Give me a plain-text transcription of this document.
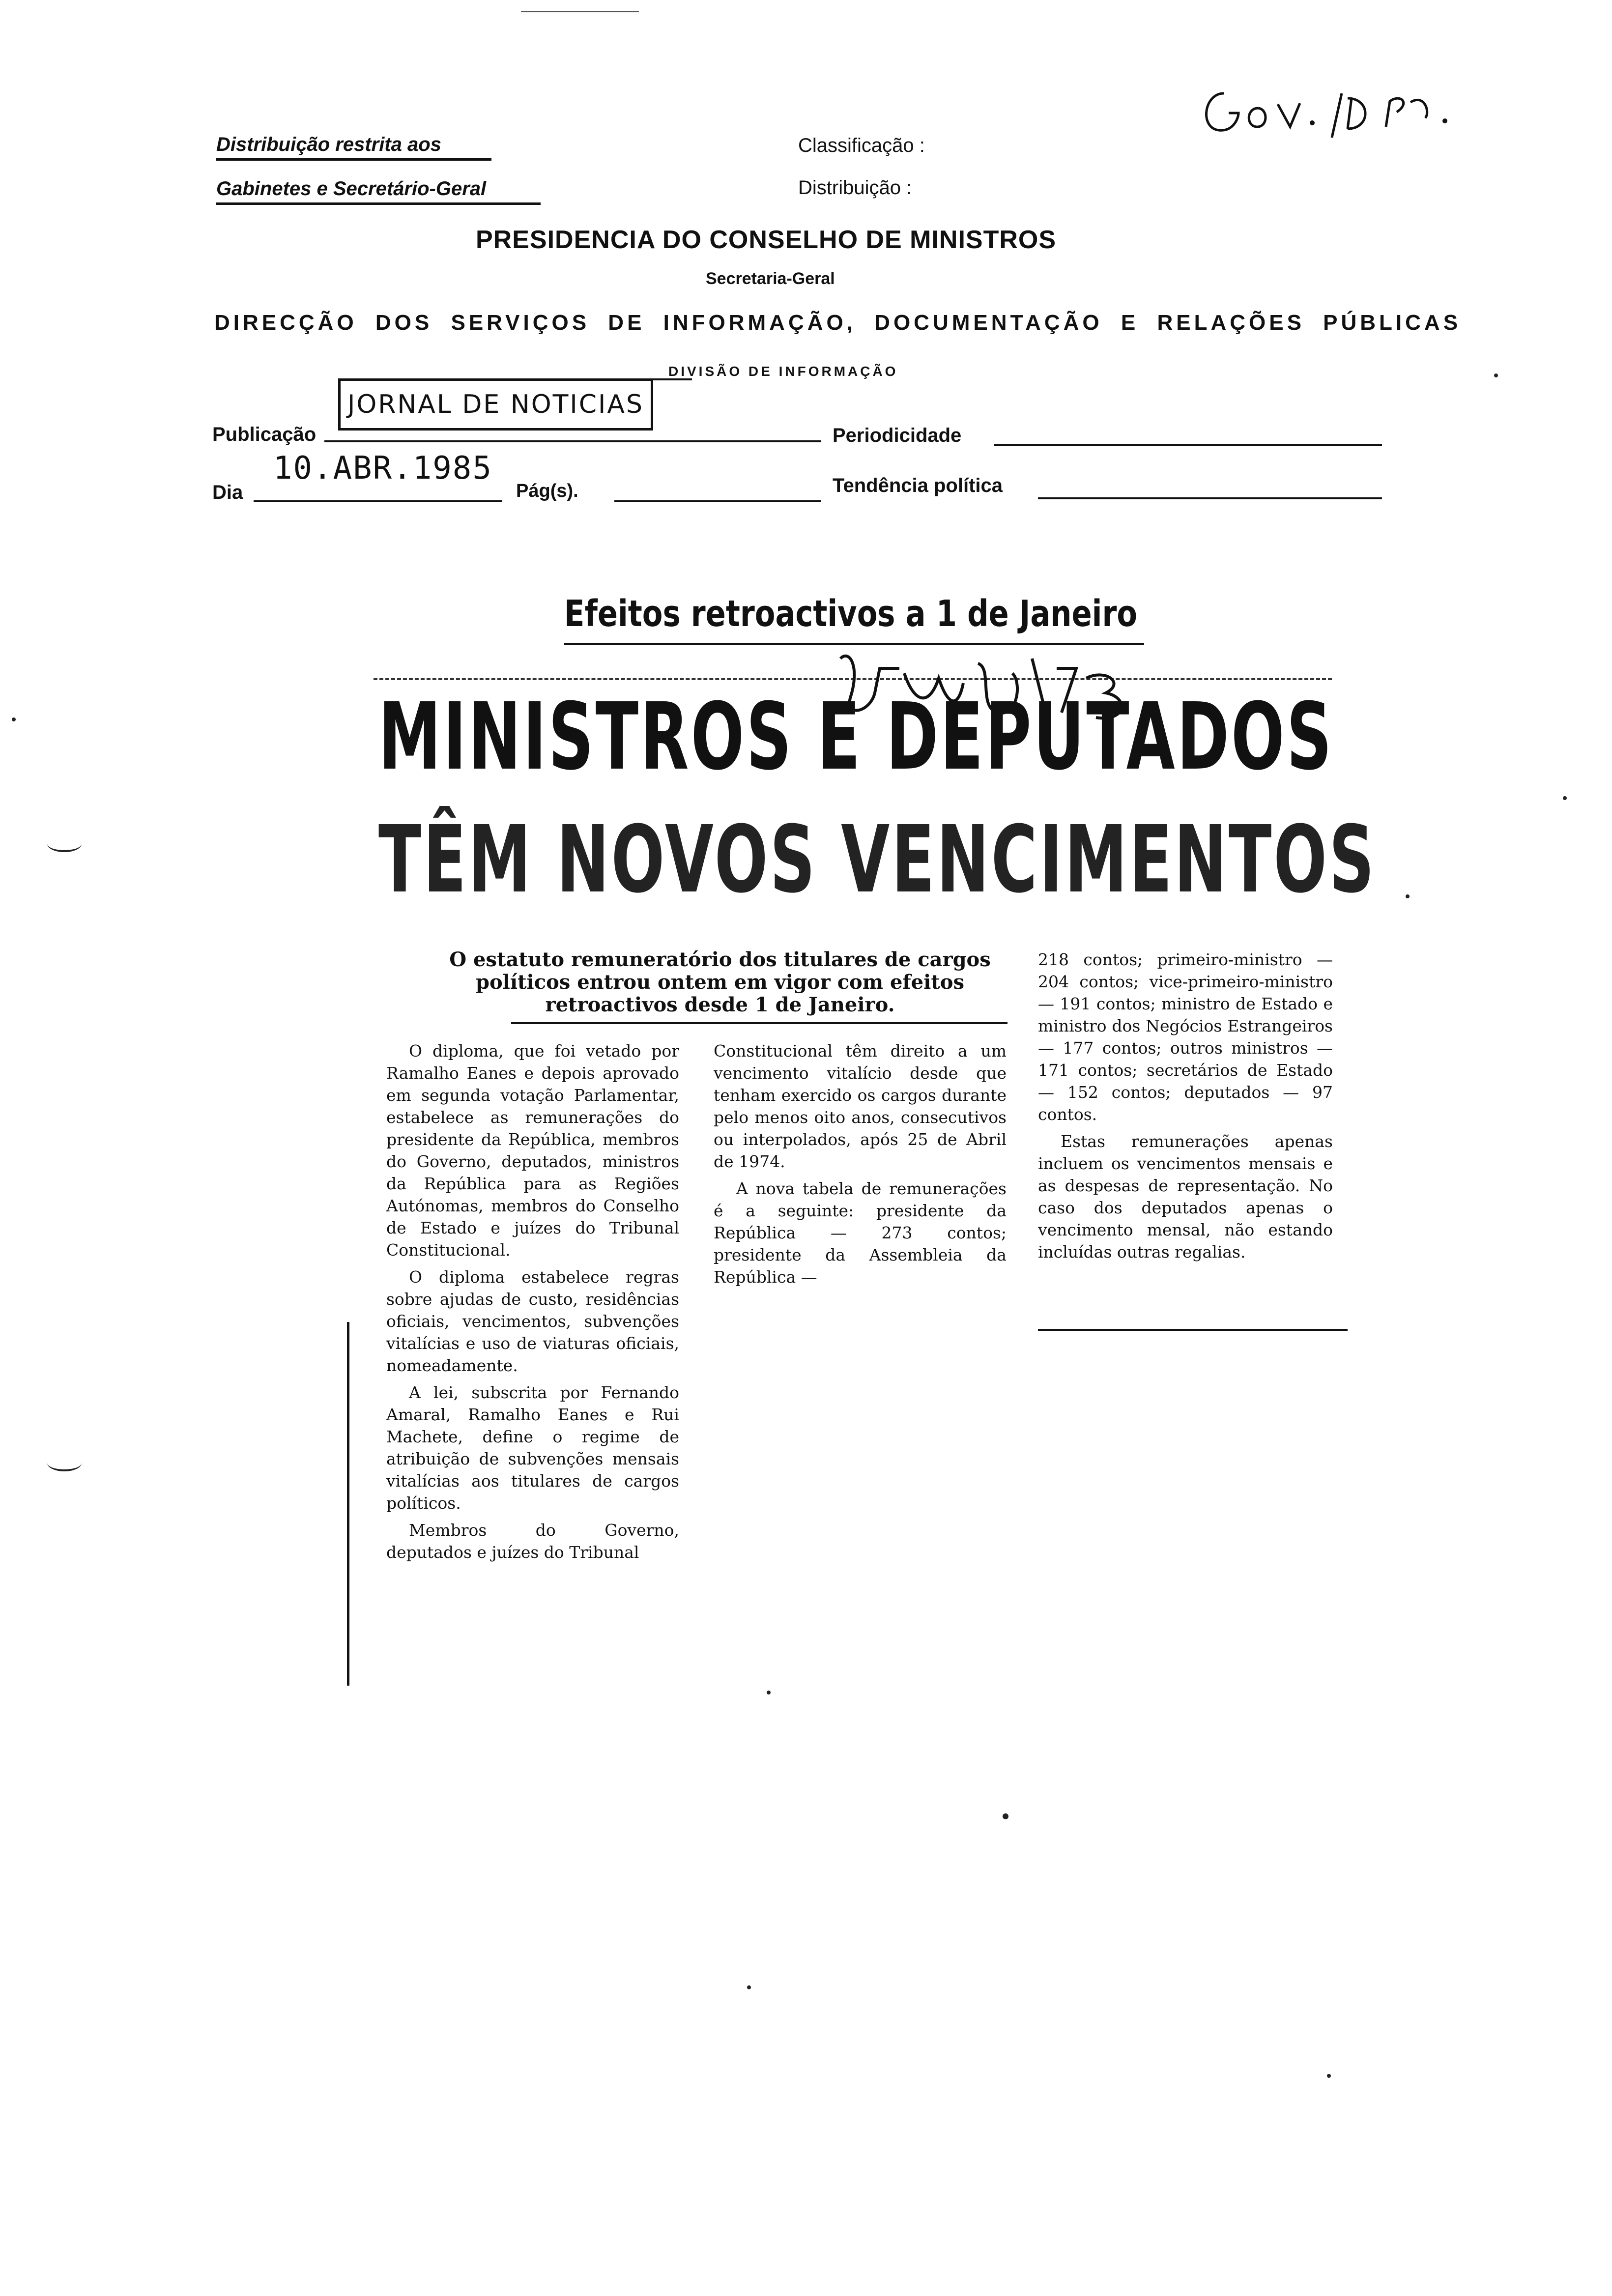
Distribuição restrita aos
Gabinetes e Secretário-Geral
Classificação :
Distribuição :
PRESIDENCIA DO CONSELHO DE MINISTROS
Secretaria-Geral
DIRECÇÃO DOS SERVIÇOS DE INFORMAÇÃO, DOCUMENTAÇÃO E RELAÇÕES PÚBLICAS
DIVISÃO DE INFORMAÇÃO
JORNAL DE NOTICIAS
Publicação	Periodicidade
Dia
10.ABR.1985
Pág(s).	Tendência política
Efeitos retroactivos a 1 de Janeiro
MINISTROS E DEPUTADOS
TÊM NOVOS VENCIMENTOS
O estatuto remuneratório dos titulares de cargos políticos entrou ontem em vigor com efeitos retroactivos desde 1 de Janeiro.

O diploma, que foi vetado por Ramalho Eanes e depois aprovado em segunda votação Parlamentar, estabelece as remunerações do presidente da República, membros do Governo, deputados, ministros da República para as Regiões Autónomas, membros do Conselho de Estado e juízes do Tribunal Constitucional.

O diploma estabelece regras sobre ajudas de custo, residências oficiais, vencimentos, subvenções vitalícias e uso de viaturas oficiais, nomeadamente.

A lei, subscrita por Fernando Amaral, Ramalho Eanes e Rui Machete, define o regime de atribuição de subvenções mensais vitalícias aos titulares de cargos políticos.

Membros do Governo, deputados e juízes do Tribunal

Constitucional têm direito a um vencimento vitalício desde que tenham exercido os cargos durante pelo menos oito anos, consecutivos ou interpolados, após 25 de Abril de 1974.

A nova tabela de remunerações é a seguinte: presidente da República — 273 contos; presidente da Assembleia da República —

218 contos; primeiro-ministro — 204 contos; vice-primeiro-ministro — 191 contos; ministro de Estado e ministro dos Negócios Estrangeiros — 177 contos; outros ministros — 171 contos; secretários de Estado — 152 contos; deputados — 97 contos.

Estas remunerações apenas incluem os vencimentos mensais e as despesas de representação. No caso dos deputados apenas o vencimento mensal, não estando incluídas outras regalias.
